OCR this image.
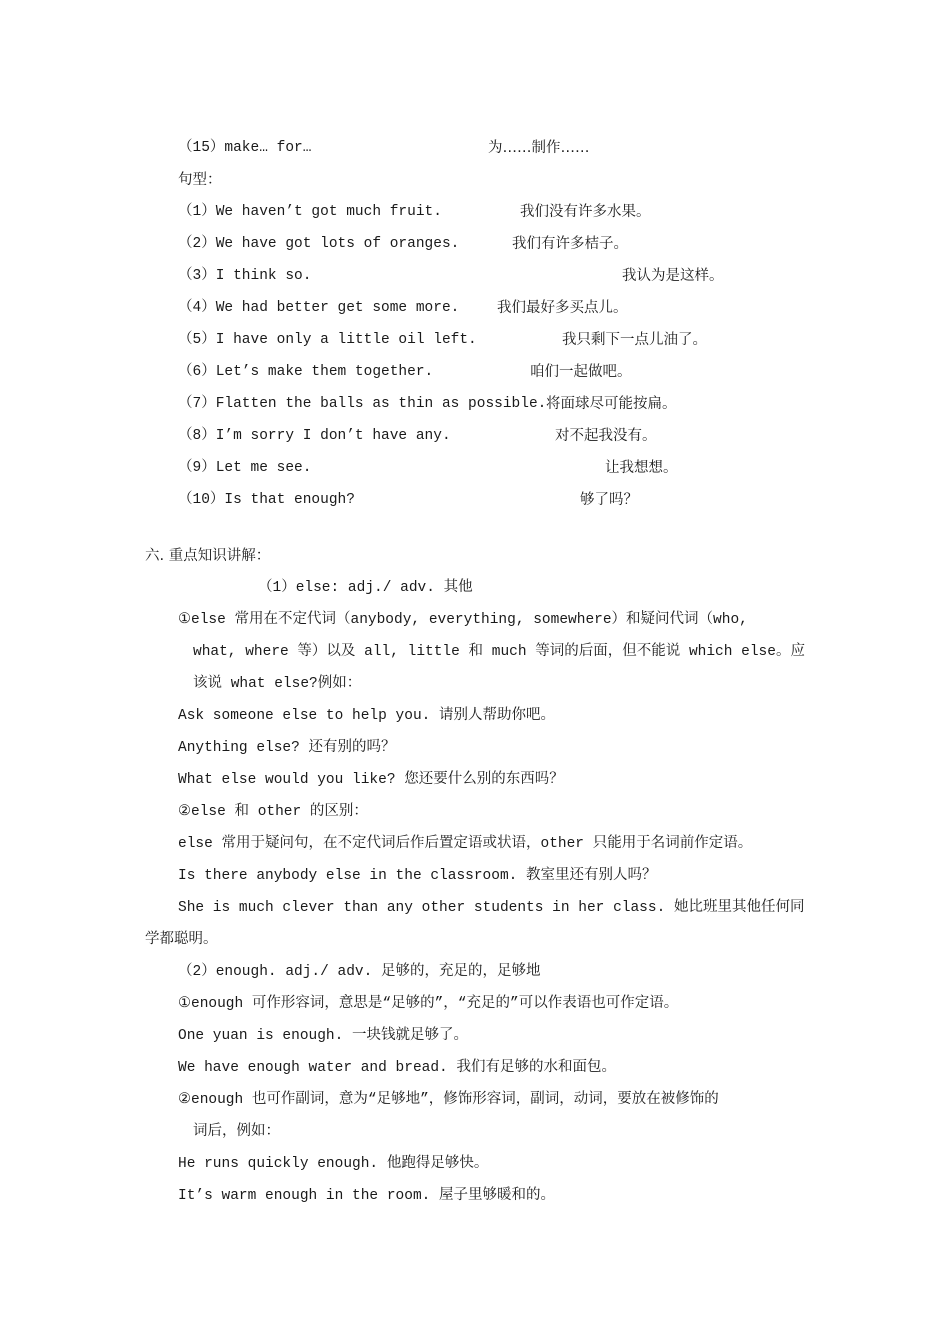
（15）make… for…	为……制作……
句型：
（1）We haven’t got much fruit.	我们没有许多水果。
（2）We have got lots of oranges.	我们有许多桔子。
（3）I think so.	我认为是这样。
（4）We had better get some more.	我们最好多买点儿。
（5）I have only a little oil left.	我只剩下一点儿油了。
（6）Let’s make them together.	咱们一起做吧。
（7）Flatten the balls as thin as possible. 将面球尽可能按扁。
（8）I’m sorry I don’t have any.	对不起我没有。
（9）Let me see.	让我想想。
（10）Is that enough?	够了吗？
六. 重点知识讲解：
（1）else: adj./ adv. 其他
①else 常用在不定代词（anybody, everything, somewhere）和疑问代词（who,
what, where 等）以及 all, little 和 much 等词的后面，但不能说 which else。应
该说 what else?例如：
Ask someone else to help you. 请别人帮助你吧。
Anything else? 还有别的吗？
What else would you like? 您还要什么别的东西吗？
②else 和 other 的区别：
else 常用于疑问句，在不定代词后作后置定语或状语，other 只能用于名词前作定语。
Is there anybody else in the classroom. 教室里还有别人吗？
She is much clever than any other students in her class. 她比班里其他任何同
学都聪明。
（2）enough. adj./ adv. 足够的，充足的，足够地
①enough 可作形容词，意思是“足够的”，“充足的”可以作表语也可作定语。
One yuan is enough. 一块钱就足够了。
We have enough water and bread. 我们有足够的水和面包。
②enough 也可作副词，意为“足够地”，修饰形容词，副词，动词，要放在被修饰的
词后，例如：
He runs quickly enough. 他跑得足够快。
It’s warm enough in the room. 屋子里够暖和的。
